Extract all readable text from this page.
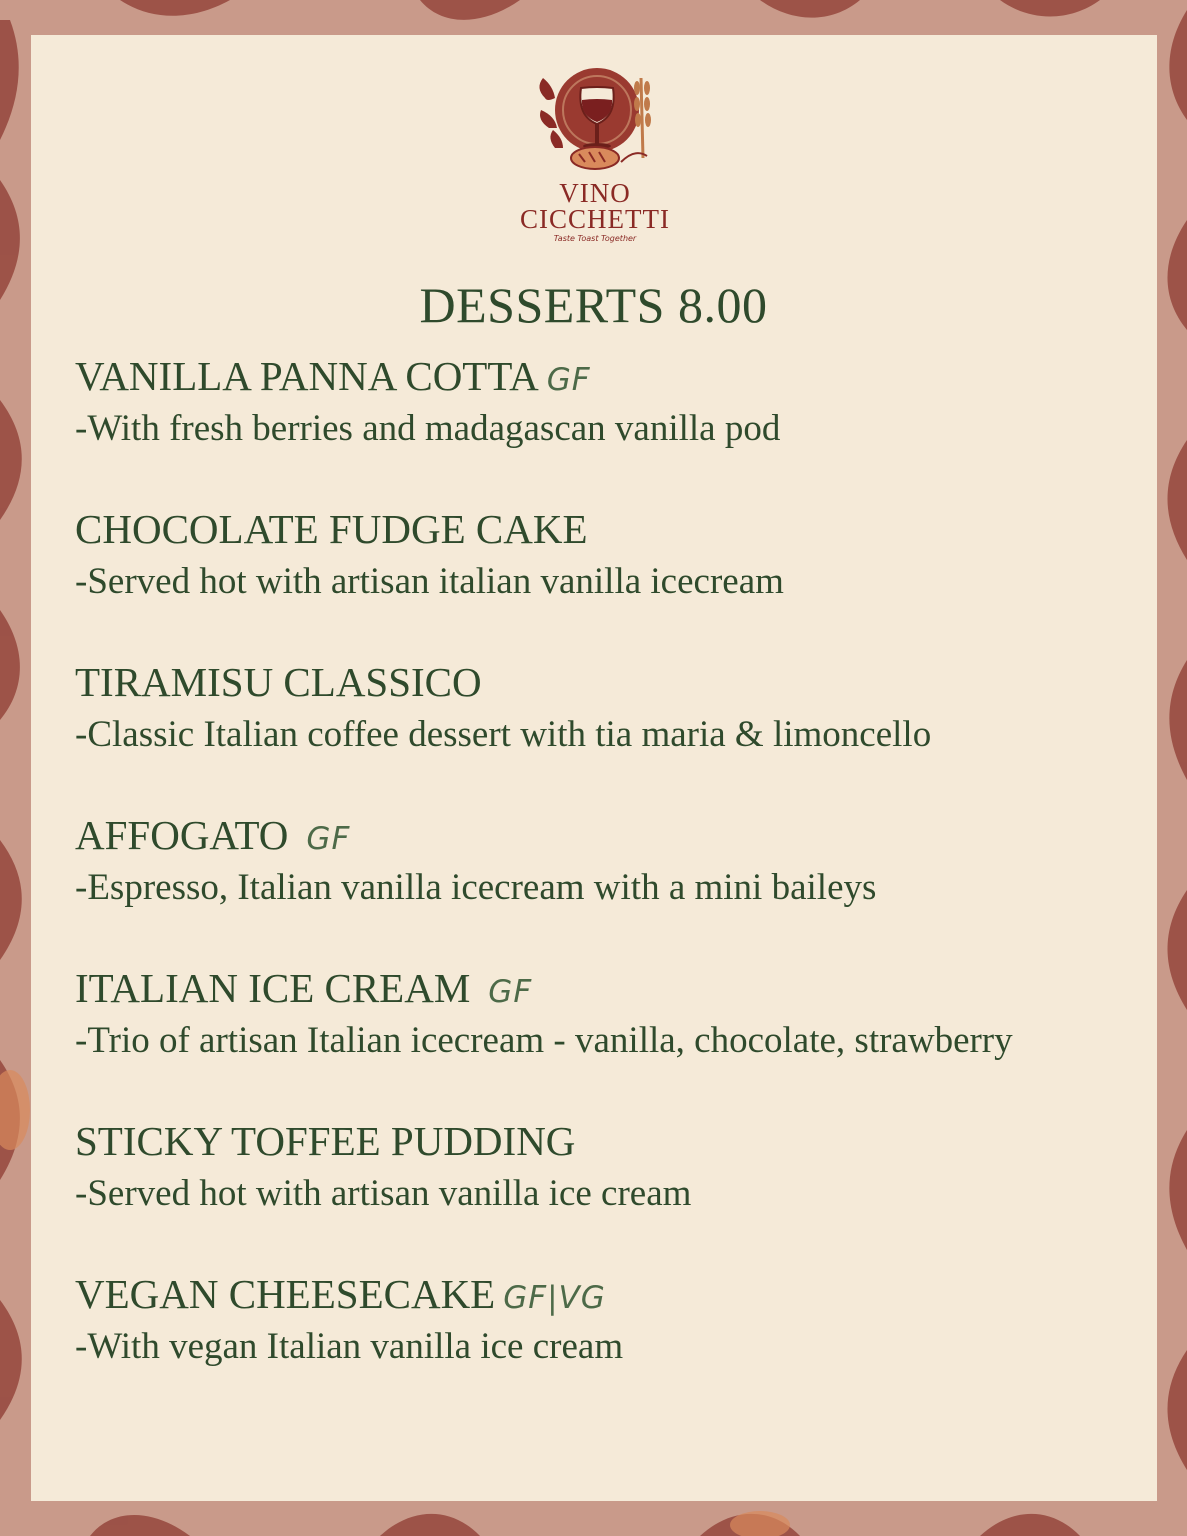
VINO
CICCHETTI
Taste Toast Together
DESSERTS 8.00
VANILLA PANNA COTTA GF
-With fresh berries and madagascan vanilla pod
CHOCOLATE FUDGE CAKE
-Served hot with artisan italian vanilla icecream
TIRAMISU CLASSICO
-Classic Italian coffee dessert with tia maria & limoncello
AFFOGATO GF
-Espresso, Italian vanilla icecream with a mini baileys
ITALIAN ICE CREAM GF
-Trio of artisan Italian icecream - vanilla, chocolate, strawberry
STICKY TOFFEE PUDDING
-Served hot with artisan vanilla ice cream
VEGAN CHEESECAKE GF|VG
-With vegan Italian vanilla ice cream
